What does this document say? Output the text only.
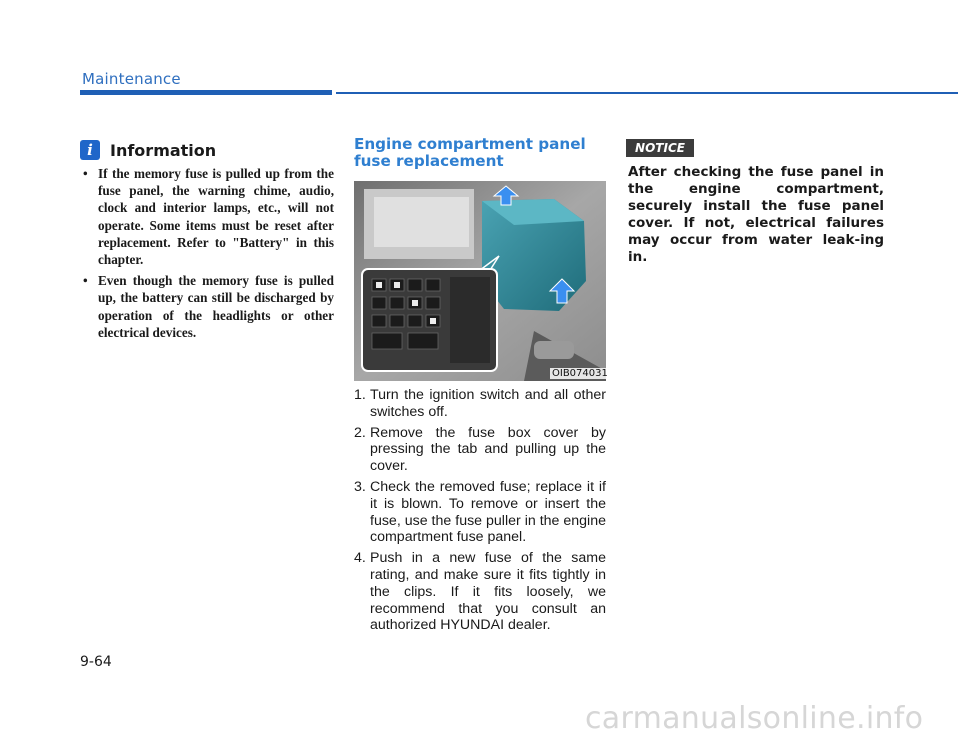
Maintenance
i	Information
• If the memory fuse is pulled up from the fuse panel, the warning chime, audio, clock and interior lamps, etc., will not operate. Some items must be reset after replacement. Refer to "Battery" in this chapter.
• Even though the memory fuse is pulled up, the battery can still be discharged by operation of the headlights or other electrical devices.
Engine compartment panel fuse replacement
OIB074031
1. Turn the ignition switch and all other switches off.
2. Remove the fuse box cover by pressing the tab and pulling up the cover.
3. Check the removed fuse; replace it if it is blown. To remove or insert the fuse, use the fuse puller in the engine compartment fuse panel.
4. Push in a new fuse of the same rating, and make sure it fits tightly in the clips. If it fits loosely, we recommend that you consult an authorized HYUNDAI dealer.
NOTICE

After checking the fuse panel in the engine compartment, securely install the fuse panel cover. If not, electrical failures may occur from water leak-ing in.

9-64
carmanualsonline.info
